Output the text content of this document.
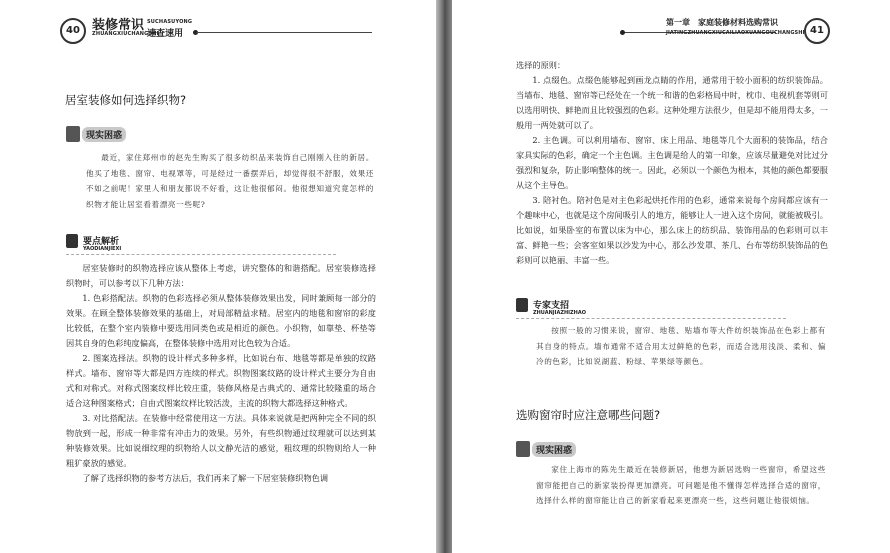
40 装修常识
ZHUANGXIUCHANGSHI
SUCHASUYONG
速查速用
居室装修如何选择织物?
现实困惑

最近，家住郑州市的赵先生购买了很多纺织品来装饰自己刚刚入住的新居。他买了地毯、窗帘、电视罩等，可是经过一番摆弄后，却觉得很不舒服，效果还不如之前呢！家里人和朋友都说不好看，这让他很郁闷。他很想知道究竟怎样的织物才能让居室看着漂亮一些呢?

要点解析
YAODIANJIEXI

居室装修时的织物选择应该从整体上考虑，讲究整体的和谐搭配。居室装修选择织物时，可以参考以下几种方法：

1. 色彩搭配法。织物的色彩选择必须从整体装修效果出发，同时兼顾每一部分的效果。在顾全整体装修效果的基础上，对局部精益求精。居室内的地毯和窗帘的彩度比较低，在整个室内装修中要选用同类色或是相近的颜色。小织物，如靠垫、杯垫等因其自身的色彩纯度偏高，在整体装修中选用对比色较为合适。

2. 图案选择法。织物的设计样式多种多样，比如说台布、地毯等都是单独的纹路样式。墙布、窗帘等大都是四方连续的样式。织物图案纹路的设计样式主要分为自由式和对称式。对称式图案纹样比较庄重，装修风格是古典式的、通常比较隆重的场合适合这种图案格式；自由式图案纹样比较活泼，主流的织物大都选择这种格式。

3. 对比搭配法。在装修中经常使用这一方法。具体来说就是把两种完全不同的织物放到一起，形成一种非常有冲击力的效果。另外，有些织物通过纹理就可以达到某种装修效果。比如说细纹理的织物给人以文静光洁的感觉，粗纹理的织物则给人一种粗犷豪放的感觉。

了解了选择织物的参考方法后，我们再来了解一下居室装修织物色调

第一章　家庭装修材料选购常识
JIATINGZHUANGXIUCAILIAOXUANGOUCHANGSHI 41

选择的原则：

1. 点缀色。点缀色能够起到画龙点睛的作用，通常用于较小面积的纺织装饰品。当墙布、地毯、窗帘等已经处在一个统一和谐的色彩格局中时，枕巾、电视机套等则可以选用明快、鲜艳而且比较强烈的色彩。这种处理方法很少，但是却不能用得太多，一般用一两处就可以了。

2. 主色调。可以利用墙布、窗帘、床上用品、地毯等几个大面积的装饰品，结合家具实际的色彩，确定一个主色调。主色调是给人的第一印象，应该尽量避免对比过分强烈和复杂，防止影响整体的统一。因此，必须以一个颜色为根本，其他的颜色都要服从这个主导色。

3. 陪衬色。陪衬色是对主色彩起烘托作用的色彩，通常来说每个房间都应该有一个趣味中心，也就是这个房间吸引人的地方，能够让人一进入这个房间，就能被吸引。比如说，如果卧室的布置以床为中心，那么床上的纺织品、装饰用品的色彩则可以丰富、鲜艳一些；会客室如果以沙发为中心，那么沙发罩、茶几、台布等纺织装饰品的色彩则可以艳丽、丰富一些。

专家支招
ZHUANJIAZHIZHAO

按照一般的习惯来说，窗帘、地毯、贴墙布等大件纺织装饰品在色彩上都有其自身的特点。墙布通常不适合用太过鲜艳的色彩，而适合选用浅淡、柔和、偏冷的色彩，比如说湖蓝、粉绿、苹果绿等颜色。

选购窗帘时应注意哪些问题?
现实困惑

家住上海市的陈先生最近在装修新居，他想为新居选购一些窗帘，希望这些窗帘能把自己的新家装扮得更加漂亮。可问题是他不懂得怎样选择合适的窗帘，选择什么样的窗帘能让自己的新家看起来更漂亮一些，这些问题让他很烦恼。
